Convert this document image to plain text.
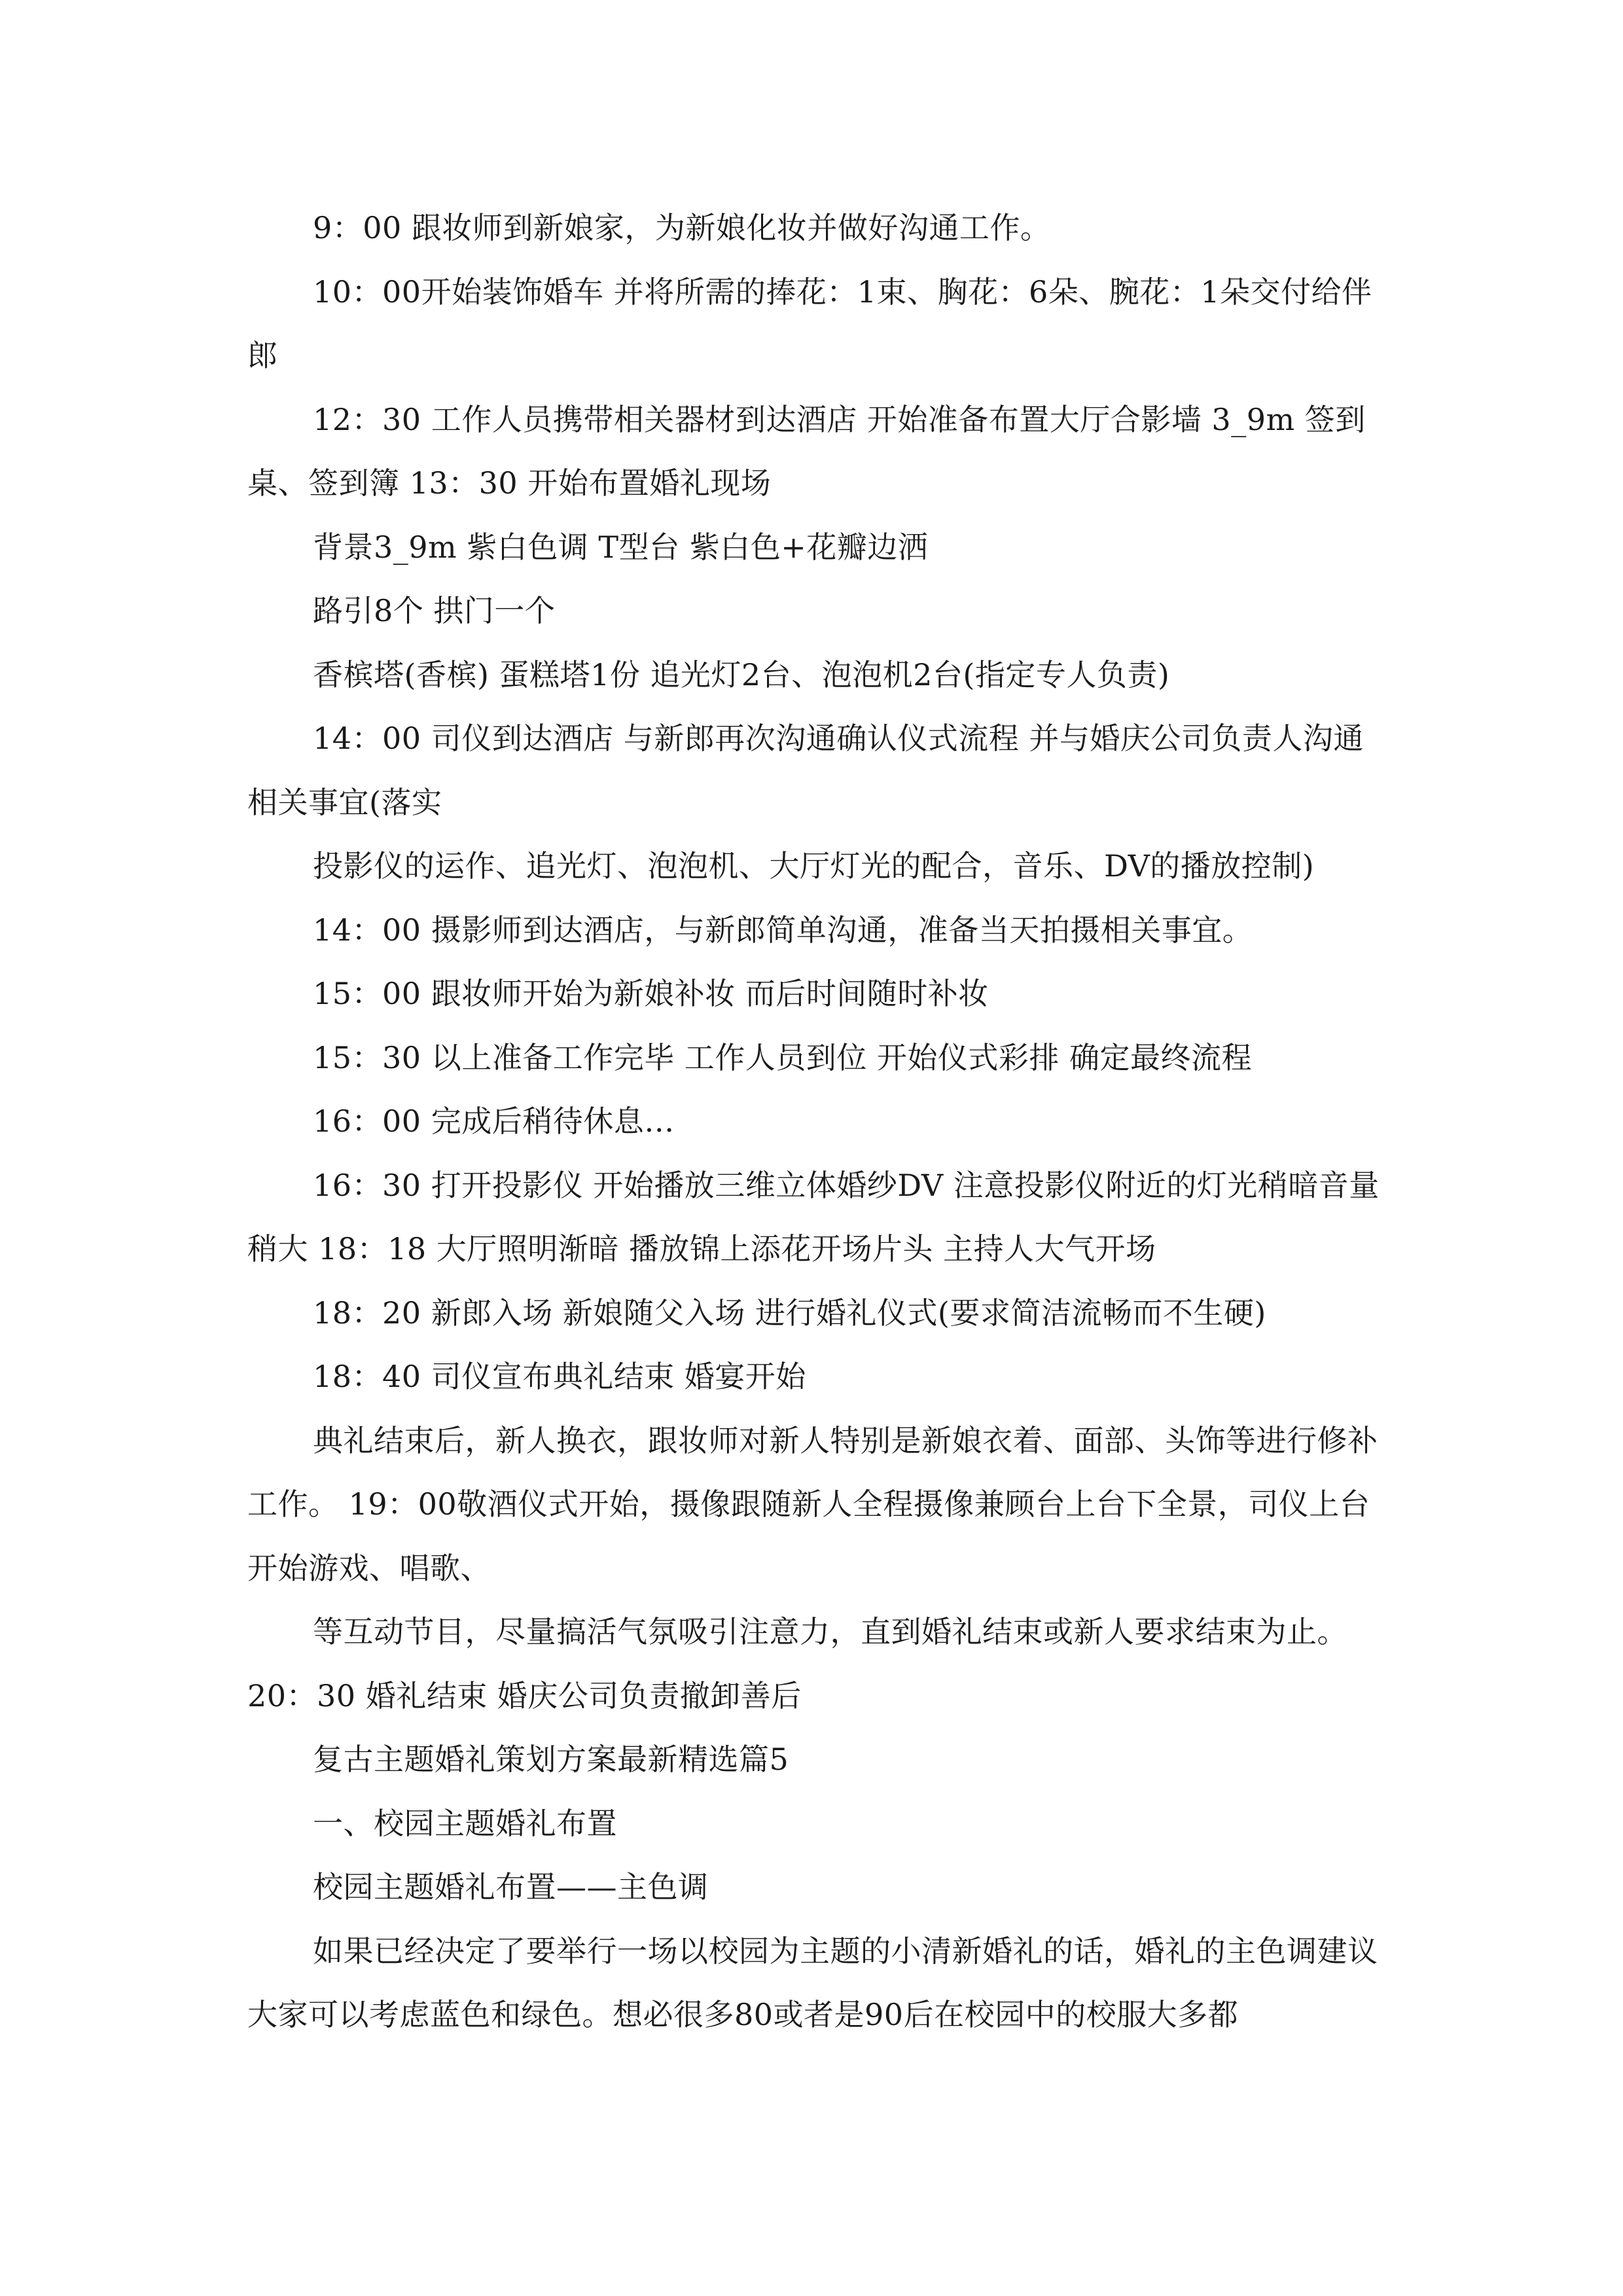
9：00 跟妆师到新娘家，为新娘化妆并做好沟通工作。

10：00开始装饰婚车 并将所需的捧花：1束、胸花：6朵、腕花：1朵交付给伴郎

12：30 工作人员携带相关器材到达酒店 开始准备布置大厅合影墙 3_9m 签到桌、签到簿 13：30 开始布置婚礼现场

背景3_9m 紫白色调 T型台 紫白色+花瓣边洒

路引8个 拱门一个

香槟塔(香槟) 蛋糕塔1份 追光灯2台、泡泡机2台(指定专人负责)

14：00 司仪到达酒店 与新郎再次沟通确认仪式流程 并与婚庆公司负责人沟通相关事宜(落实

投影仪的运作、追光灯、泡泡机、大厅灯光的配合，音乐、DV的播放控制)

14：00 摄影师到达酒店，与新郎简单沟通，准备当天拍摄相关事宜。

15：00 跟妆师开始为新娘补妆 而后时间随时补妆

15：30 以上准备工作完毕 工作人员到位 开始仪式彩排 确定最终流程

16：00 完成后稍待休息…

16：30 打开投影仪 开始播放三维立体婚纱DV 注意投影仪附近的灯光稍暗音量稍大 18：18 大厅照明渐暗 播放锦上添花开场片头 主持人大气开场

18：20 新郎入场 新娘随父入场 进行婚礼仪式(要求简洁流畅而不生硬)

18：40 司仪宣布典礼结束 婚宴开始

典礼结束后，新人换衣，跟妆师对新人特别是新娘衣着、面部、头饰等进行修补工作。 19：00敬酒仪式开始，摄像跟随新人全程摄像兼顾台上台下全景，司仪上台开始游戏、唱歌、

等互动节目，尽量搞活气氛吸引注意力，直到婚礼结束或新人要求结束为止。

20：30 婚礼结束 婚庆公司负责撤卸善后

复古主题婚礼策划方案最新精选篇5

一、校园主题婚礼布置

校园主题婚礼布置——主色调

如果已经决定了要举行一场以校园为主题的小清新婚礼的话，婚礼的主色调建议大家可以考虑蓝色和绿色。想必很多80或者是90后在校园中的校服大多都
